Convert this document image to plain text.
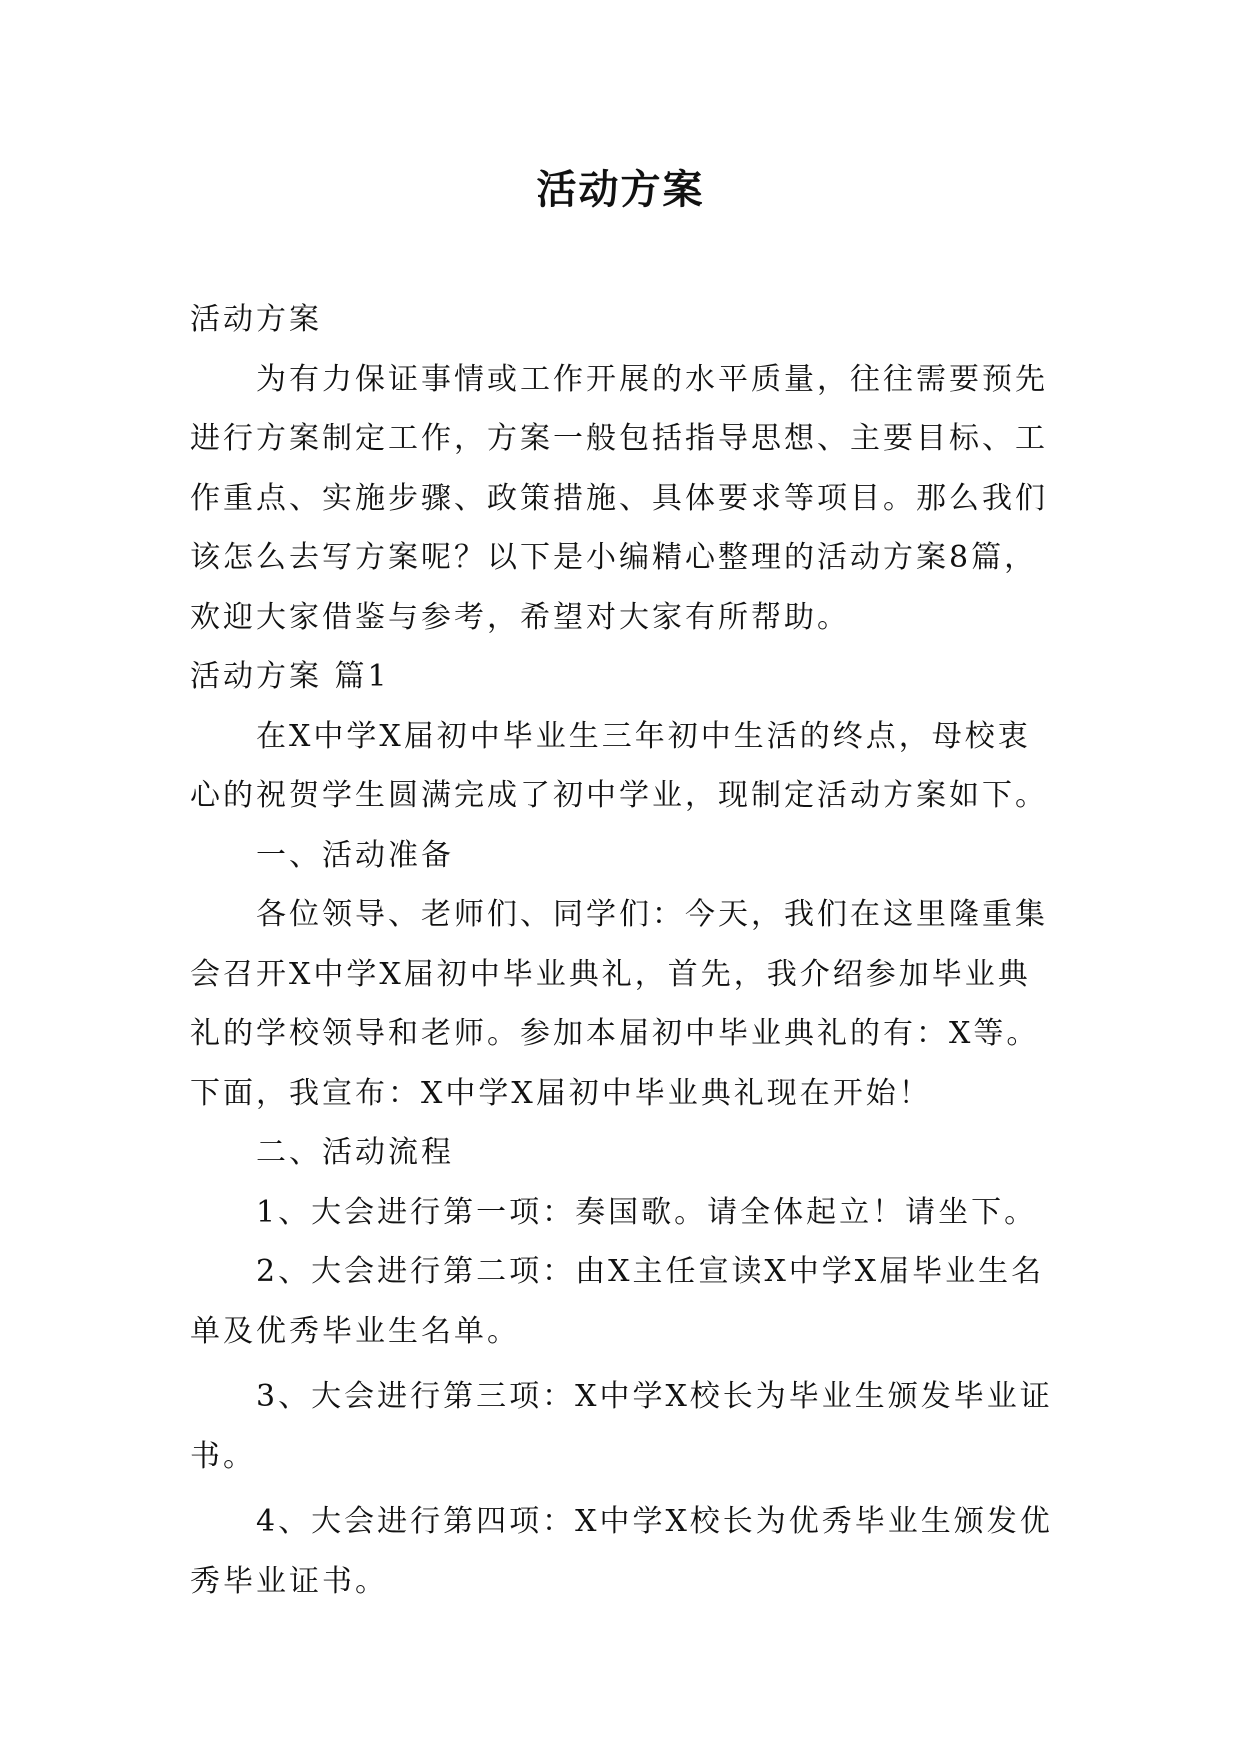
活动方案

活动方案

为有力保证事情或工作开展的水平质量，往往需要预先进行方案制定工作，方案一般包括指导思想、主要目标、工作重点、实施步骤、政策措施、具体要求等项目。那么我们该怎么去写方案呢？以下是小编精心整理的活动方案8篇，欢迎大家借鉴与参考，希望对大家有所帮助。

活动方案 篇1

在X中学X届初中毕业生三年初中生活的终点，母校衷心的祝贺学生圆满完成了初中学业，现制定活动方案如下。

一、活动准备

各位领导、老师们、同学们：今天，我们在这里隆重集会召开X中学X届初中毕业典礼，首先，我介绍参加毕业典礼的学校领导和老师。参加本届初中毕业典礼的有：X等。下面，我宣布：X中学X届初中毕业典礼现在开始！

二、活动流程

1、大会进行第一项：奏国歌。请全体起立！请坐下。

2、大会进行第二项：由X主任宣读X中学X届毕业生名单及优秀毕业生名单。

3、大会进行第三项：X中学X校长为毕业生颁发毕业证书。

4、大会进行第四项：X中学X校长为优秀毕业生颁发优秀毕业证书。
